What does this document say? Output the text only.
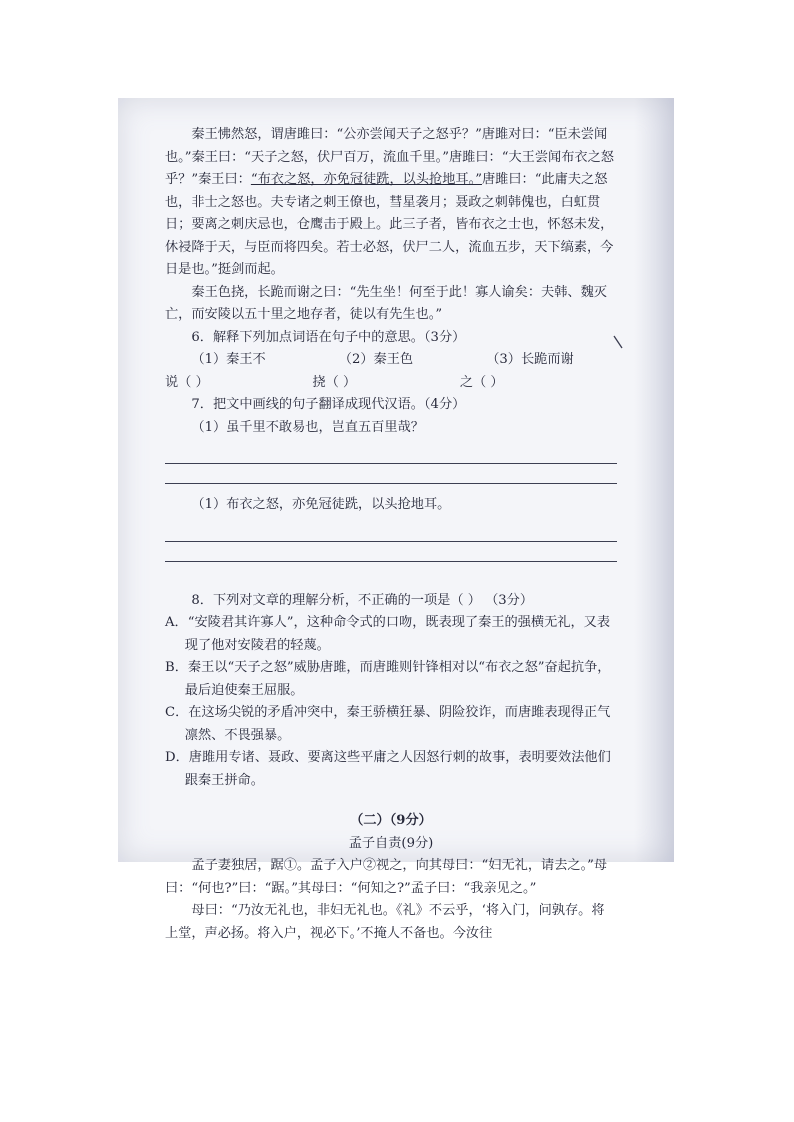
秦王怫然怒，谓唐雎曰：“公亦尝闻天子之怒乎？”唐雎对曰：“臣未尝闻也。”秦王曰：“天子之怒，伏尸百万，流血千里。”唐雎曰：“大王尝闻布衣之怒乎？”秦王曰：“布衣之怒，亦免冠徒跣，以头抢地耳。”唐雎曰：“此庸夫之怒也，非士之怒也。夫专诸之刺王僚也，彗星袭月；聂政之刺韩傀也，白虹贯日；要离之刺庆忌也，仓鹰击于殿上。此三子者，皆布衣之士也，怀怒未发，休祲降于天，与臣而将四矣。若士必怒，伏尸二人，流血五步，天下缟素，今日是也。”挺剑而起。

秦王色挠，长跪而谢之曰：“先生坐！何至于此！寡人谕矣：夫韩、魏灭亡，而安陵以五十里之地存者，徒以有先生也。”

6．解释下列加点词语在句子中的意思。（3分）

（1）秦王不说（ ）
（2）秦王色挠（ ）
（3）长跪而谢之（ ）

7．把文中画线的句子翻译成现代汉语。（4分）

（1）虽千里不敢易也，岂直五百里哉？

（1）布衣之怒，亦免冠徒跣，以头抢地耳。

8．下列对文章的理解分析，不正确的一项是（ ） （3分）

A．“安陵君其许寡人”，这种命令式的口吻，既表现了秦王的强横无礼，又表现了他对安陵君的轻蔑。

B．秦王以“天子之怒”威胁唐雎，而唐雎则针锋相对以“布衣之怒”奋起抗争，最后迫使秦王屈服。

C．在这场尖锐的矛盾冲突中，秦王骄横狂暴、阴险狡诈，而唐雎表现得正气凛然、不畏强暴。

D．唐雎用专诸、聂政、要离这些平庸之人因怒行刺的故事，表明要效法他们跟秦王拼命。

（二）（9分）

孟子自责(9分)

孟子妻独居，踞①。孟子入户②视之，向其母曰：“妇无礼，请去之。”母曰：“何也?”曰：“踞。”其母曰：“何知之?”孟子曰：“我亲见之。”

母曰：“乃汝无礼也，非妇无礼也。《礼》不云乎，‘将入门，问孰存。将上堂，声必扬。将入户，视必下。’不掩人不备也。今汝往
